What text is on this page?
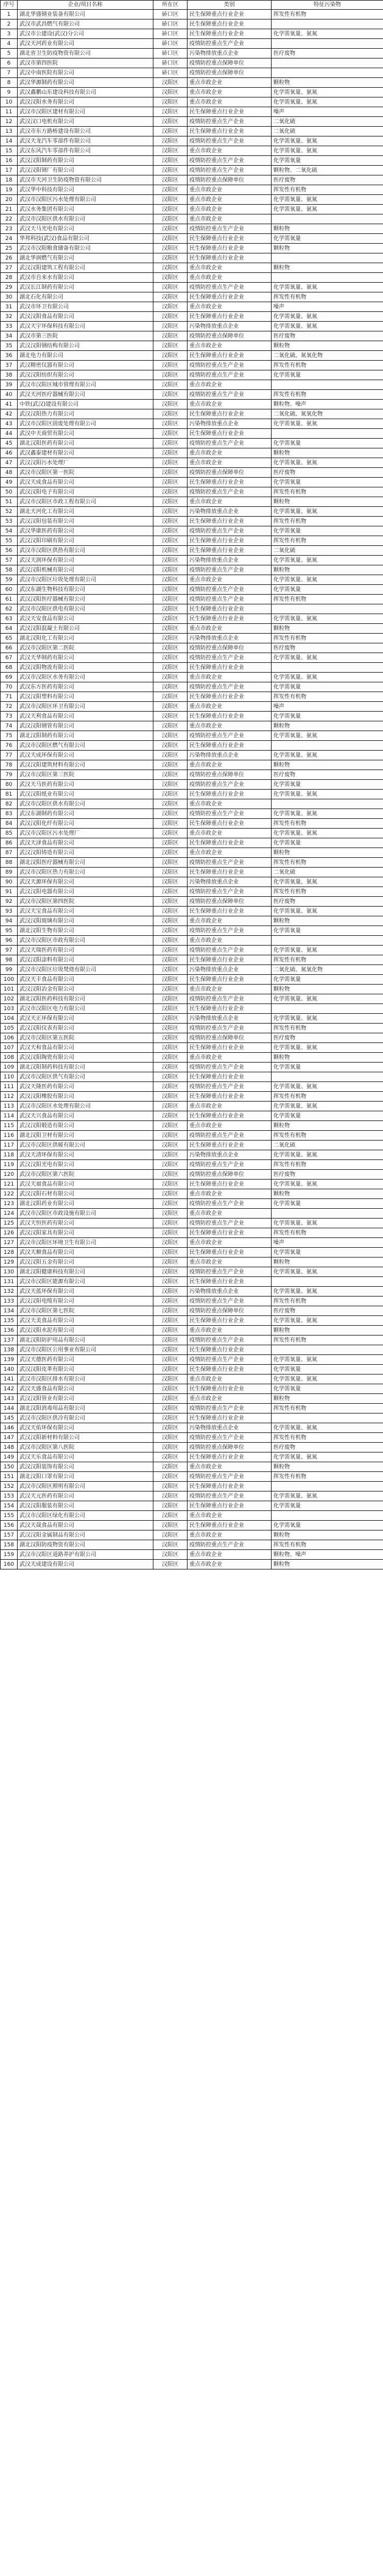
序号	企业/项目名称	所在区	类别	特征污染物
1	湖北华盛钢业装备有限公司	硚口区	民生保障重点行业企业	挥发性有机物
2	武汉市武昌燃气有限公司	硚口区	民生保障重点行业企业	
3	武汉市公建设(武汉)分公司	硚口区	民生保障重点行业企业	化学需氧量、氨氮
4	武汉天河药业有限公司	硚口区	疫情防控重点生产企业	
5	湖北省卫生防疫物资有限公司	硚口区	污染物排放重点企业	医疗废物
6	武汉市第四医院	硚口区	疫情防控重点保障单位	
7	武汉中南医院有限公司	硚口区	疫情防控重点保障单位	
8	武汉华源制药有限公司	汉阳区	重点市政企业	颗粒物
9	武汉鑫鹏山东建设科技有限公司	汉阳区	重点市政企业	化学需氧量、氨氮
10	武汉汉阳水务有限公司	汉阳区	重点市政企业	化学需氧量、氨氮
11	武汉市汉阳区建材有限公司	汉阳区	民生保障重点行业企业	噪声
12	武汉汉口电机有限公司	汉阳区	疫情防控重点生产企业	二氧化硫
13	武汉市东方路桥建设有限公司	汉阳区	民生保障重点行业企业	二氧化硫
14	武汉天龙汽车零部件有限公司	汉阳区	疫情防控重点生产企业	化学需氧量、氨氮
15	武汉东风汽车零部件有限公司	汉阳区	重点市政企业	化学需氧量、氨氮
16	武汉汉阳制药有限公司	汉阳区	疫情防控重点生产企业	化学需氧量
17	武汉汉阳钢厂有限公司	汉阳区	疫情防控重点生产企业	颗粒物、二氧化硫
18	武汉市天河卫生防疫物资有限公司	汉阳区	疫情防控重点保障单位	医疗废物
19	武汉华中科技有限公司	汉阳区	重点市政企业	挥发性有机物
20	武汉市汉阳区污水处理有限公司	汉阳区	重点市政企业	化学需氧量、氨氮
21	武汉水务集团有限公司	汉阳区	重点市政企业	化学需氧量、氨氮
22	武汉市汉阳区供水有限公司	汉阳区	重点市政企业	
23	武汉天马光电有限公司	汉阳区	疫情防控重点生产企业	颗粒物
24	华邦科技(武汉)食品有限公司	汉阳区	民生保障重点行业企业	化学需氧量
25	武汉市汉阳粮食储备有限公司	汉阳区	民生保障重点行业企业	颗粒物
26	湖北华润燃气有限公司	汉阳区	民生保障重点行业企业	
27	武汉汉阳建筑工程有限公司	汉阳区	重点市政企业	颗粒物
28	武汉市自来水有限公司	汉阳区	重点市政企业	
29	武汉长江制药有限公司	汉阳区	疫情防控重点生产企业	化学需氧量、氨氮
30	湖北石化有限公司	汉阳区	民生保障重点行业企业	挥发性有机物
31	武汉市环卫有限公司	汉阳区	重点市政企业	噪声
32	武汉汉阳食品有限公司	汉阳区	民生保障重点行业企业	化学需氧量、氨氮
33	武汉天宇环保科技有限公司	汉阳区	污染物排放重点企业	化学需氧量、氨氮
34	武汉市第三医院	汉阳区	疫情防控重点保障单位	医疗废物
35	武汉汉阳钢结构有限公司	汉阳区	重点市政企业	颗粒物
36	湖北电力有限公司	汉阳区	民生保障重点行业企业	二氧化硫、氮氧化物
37	武汉精密仪器有限公司	汉阳区	疫情防控重点生产企业	挥发性有机物
38	武汉汉阳纺织有限公司	汉阳区	疫情防控重点生产企业	化学需氧量
39	武汉市汉阳区城市管理有限公司	汉阳区	重点市政企业	
40	武汉天河医疗器械有限公司	汉阳区	疫情防控重点生产企业	挥发性有机物
41	中铁(武汉)建设有限公司	汉阳区	重点市政企业	颗粒物、噪声
42	武汉汉阳热力有限公司	汉阳区	民生保障重点行业企业	二氧化硫、氮氧化物
43	武汉市汉阳区固废处理有限公司	汉阳区	污染物排放重点企业	化学需氧量、氨氮
44	武汉中天商贸有限公司	汉阳区	民生保障重点行业企业	
45	湖北汉阳医药有限公司	汉阳区	疫情防控重点生产企业	化学需氧量
46	武汉鑫泰建材有限公司	汉阳区	重点市政企业	颗粒物
47	武汉汉阳污水处理厂	汉阳区	重点市政企业	化学需氧量、氨氮
48	武汉市汉阳区第一医院	汉阳区	疫情防控重点保障单位	医疗废物
49	武汉天成食品有限公司	汉阳区	民生保障重点行业企业	化学需氧量
50	武汉汉阳电子有限公司	汉阳区	疫情防控重点生产企业	挥发性有机物
51	武汉市汉阳区市政工程有限公司	汉阳区	重点市政企业	颗粒物
52	湖北天河化工有限公司	汉阳区	污染物排放重点企业	化学需氧量、氨氮
53	武汉汉阳包装有限公司	汉阳区	民生保障重点行业企业	挥发性有机物
54	武汉华康医药有限公司	汉阳区	疫情防控重点生产企业	化学需氧量
55	武汉汉阳印刷有限公司	汉阳区	民生保障重点行业企业	挥发性有机物
56	武汉市汉阳区供热有限公司	汉阳区	民生保障重点行业企业	二氧化硫
57	武汉天润环保有限公司	汉阳区	污染物排放重点企业	化学需氧量、氨氮
58	武汉汉阳机械有限公司	汉阳区	疫情防控重点生产企业	颗粒物
59	武汉市汉阳区垃圾处理有限公司	汉阳区	重点市政企业	化学需氧量、氨氮
60	武汉东湖生物科技有限公司	汉阳区	疫情防控重点生产企业	化学需氧量
61	武汉汉阳医疗器械有限公司	汉阳区	疫情防控重点生产企业	挥发性有机物
62	武汉市汉阳区供电有限公司	汉阳区	民生保障重点行业企业	
63	武汉天安食品有限公司	汉阳区	民生保障重点行业企业	化学需氧量、氨氮
64	武汉汉阳混凝土有限公司	汉阳区	重点市政企业	颗粒物
65	湖北汉阳化工有限公司	汉阳区	污染物排放重点企业	挥发性有机物
66	武汉市汉阳区第二医院	汉阳区	疫情防控重点保障单位	医疗废物
67	武汉天华制药有限公司	汉阳区	疫情防控重点生产企业	化学需氧量、氨氮
68	武汉汉阳物流有限公司	汉阳区	民生保障重点行业企业	
69	武汉市汉阳区水务有限公司	汉阳区	重点市政企业	化学需氧量、氨氮
70	武汉东方医药有限公司	汉阳区	疫情防控重点生产企业	化学需氧量
71	武汉汉阳塑料有限公司	汉阳区	民生保障重点行业企业	挥发性有机物
72	武汉市汉阳区环卫有限公司	汉阳区	重点市政企业	噪声
73	武汉天利食品有限公司	汉阳区	民生保障重点行业企业	化学需氧量
74	武汉汉阳钢管有限公司	汉阳区	重点市政企业	颗粒物
75	湖北汉阳制药有限公司	汉阳区	疫情防控重点生产企业	化学需氧量、氨氮
76	武汉市汉阳区燃气有限公司	汉阳区	民生保障重点行业企业	
77	武汉天成环保有限公司	汉阳区	污染物排放重点企业	化学需氧量、氨氮
78	武汉汉阳建筑材料有限公司	汉阳区	重点市政企业	颗粒物
79	武汉市汉阳区第三医院	汉阳区	疫情防控重点保障单位	医疗废物
80	武汉天马医药有限公司	汉阳区	疫情防控重点生产企业	化学需氧量
81	武汉汉阳纸业有限公司	汉阳区	民生保障重点行业企业	化学需氧量、氨氮
82	武汉市汉阳区供水有限公司	汉阳区	重点市政企业	
83	武汉东湖制药有限公司	汉阳区	疫情防控重点生产企业	化学需氧量、氨氮
84	武汉汉阳化纤有限公司	汉阳区	民生保障重点行业企业	挥发性有机物
85	武汉市汉阳区污水处理厂	汉阳区	重点市政企业	化学需氧量、氨氮
86	武汉天泽食品有限公司	汉阳区	民生保障重点行业企业	化学需氧量
87	武汉汉阳铸造有限公司	汉阳区	重点市政企业	颗粒物
88	湖北汉阳医疗器械有限公司	汉阳区	疫情防控重点生产企业	挥发性有机物
89	武汉市汉阳区热力有限公司	汉阳区	民生保障重点行业企业	二氧化硫
90	武汉天源环保有限公司	汉阳区	污染物排放重点企业	化学需氧量、氨氮
91	武汉汉阳电器有限公司	汉阳区	疫情防控重点生产企业	挥发性有机物
92	武汉市汉阳区第四医院	汉阳区	疫情防控重点保障单位	医疗废物
93	武汉天宝食品有限公司	汉阳区	民生保障重点行业企业	化学需氧量、氨氮
94	武汉汉阳玻璃有限公司	汉阳区	重点市政企业	颗粒物
95	湖北汉阳生物有限公司	汉阳区	疫情防控重点生产企业	化学需氧量
96	武汉市汉阳区市政有限公司	汉阳区	重点市政企业	
97	武汉天瑞医药有限公司	汉阳区	疫情防控重点生产企业	化学需氧量、氨氮
98	武汉汉阳涂料有限公司	汉阳区	民生保障重点行业企业	挥发性有机物
99	武汉市汉阳区垃圾焚烧有限公司	汉阳区	污染物排放重点企业	二氧化硫、氮氧化物
100	武汉天丰食品有限公司	汉阳区	民生保障重点行业企业	化学需氧量
101	武汉汉阳冶金有限公司	汉阳区	重点市政企业	颗粒物
102	湖北汉阳医药科技有限公司	汉阳区	疫情防控重点生产企业	化学需氧量、氨氮
103	武汉市汉阳区电力有限公司	汉阳区	民生保障重点行业企业	
104	武汉天正环保有限公司	汉阳区	污染物排放重点企业	化学需氧量、氨氮
105	武汉汉阳仪表有限公司	汉阳区	疫情防控重点生产企业	挥发性有机物
106	武汉市汉阳区第五医院	汉阳区	疫情防控重点保障单位	医疗废物
107	武汉天和食品有限公司	汉阳区	民生保障重点行业企业	化学需氧量、氨氮
108	武汉汉阳陶瓷有限公司	汉阳区	重点市政企业	颗粒物
109	湖北汉阳制药科技有限公司	汉阳区	疫情防控重点生产企业	化学需氧量
110	武汉市汉阳区供气有限公司	汉阳区	民生保障重点行业企业	
111	武汉天隆医药有限公司	汉阳区	疫情防控重点生产企业	化学需氧量、氨氮
112	武汉汉阳橡胶有限公司	汉阳区	民生保障重点行业企业	挥发性有机物
113	武汉市汉阳区水处理有限公司	汉阳区	重点市政企业	化学需氧量、氨氮
114	武汉天兴食品有限公司	汉阳区	民生保障重点行业企业	化学需氧量
115	武汉汉阳锻造有限公司	汉阳区	重点市政企业	颗粒物
116	湖北汉阳卫材有限公司	汉阳区	疫情防控重点生产企业	挥发性有机物
117	武汉市汉阳区供暖有限公司	汉阳区	民生保障重点行业企业	二氧化硫
118	武汉天清环保有限公司	汉阳区	污染物排放重点企业	化学需氧量、氨氮
119	武汉汉阳光电有限公司	汉阳区	疫情防控重点生产企业	挥发性有机物
120	武汉市汉阳区第六医院	汉阳区	疫情防控重点保障单位	医疗废物
121	武汉天福食品有限公司	汉阳区	民生保障重点行业企业	化学需氧量、氨氮
122	武汉汉阳石材有限公司	汉阳区	重点市政企业	颗粒物
123	湖北汉阳药业有限公司	汉阳区	疫情防控重点生产企业	化学需氧量
124	武汉市汉阳区市政设施有限公司	汉阳区	重点市政企业	
125	武汉天恒医药有限公司	汉阳区	疫情防控重点生产企业	化学需氧量、氨氮
126	武汉汉阳家具有限公司	汉阳区	民生保障重点行业企业	挥发性有机物
127	武汉市汉阳区环境卫生有限公司	汉阳区	重点市政企业	噪声
128	武汉天顺食品有限公司	汉阳区	民生保障重点行业企业	化学需氧量
129	武汉汉阳五金有限公司	汉阳区	重点市政企业	颗粒物
130	湖北汉阳健康科技有限公司	汉阳区	疫情防控重点生产企业	化学需氧量、氨氮
131	武汉市汉阳区能源有限公司	汉阳区	民生保障重点行业企业	
132	武汉天蓝环保有限公司	汉阳区	污染物排放重点企业	化学需氧量、氨氮
133	武汉汉阳电缆有限公司	汉阳区	疫情防控重点生产企业	挥发性有机物
134	武汉市汉阳区第七医院	汉阳区	疫情防控重点保障单位	医疗废物
135	武汉天美食品有限公司	汉阳区	民生保障重点行业企业	化学需氧量、氨氮
136	武汉汉阳水泥有限公司	汉阳区	重点市政企业	颗粒物
137	湖北汉阳防护用品有限公司	汉阳区	疫情防控重点生产企业	挥发性有机物
138	武汉市汉阳区公用事业有限公司	汉阳区	民生保障重点行业企业	
139	武汉天德医药有限公司	汉阳区	疫情防控重点生产企业	化学需氧量、氨氮
140	武汉汉阳皮革有限公司	汉阳区	民生保障重点行业企业	化学需氧量
141	武汉市汉阳区排水有限公司	汉阳区	重点市政企业	化学需氧量、氨氮
142	武汉天盛食品有限公司	汉阳区	民生保障重点行业企业	化学需氧量
143	武汉汉阳管业有限公司	汉阳区	重点市政企业	颗粒物
144	湖北汉阳消毒用品有限公司	汉阳区	疫情防控重点生产企业	挥发性有机物
145	武汉市汉阳区供冷有限公司	汉阳区	民生保障重点行业企业	
146	武汉天佑环保有限公司	汉阳区	污染物排放重点企业	化学需氧量、氨氮
147	武汉汉阳新材料有限公司	汉阳区	疫情防控重点生产企业	挥发性有机物
148	武汉市汉阳区第八医院	汉阳区	疫情防控重点保障单位	医疗废物
149	武汉天乐食品有限公司	汉阳区	民生保障重点行业企业	化学需氧量、氨氮
150	武汉汉阳装饰有限公司	汉阳区	重点市政企业	颗粒物
151	湖北汉阳口罩有限公司	汉阳区	疫情防控重点生产企业	挥发性有机物
152	武汉市汉阳区照明有限公司	汉阳区	民生保障重点行业企业	
153	武汉天元医药有限公司	汉阳区	疫情防控重点生产企业	化学需氧量、氨氮
154	武汉汉阳服装有限公司	汉阳区	民生保障重点行业企业	化学需氧量
155	武汉市汉阳区绿化有限公司	汉阳区	重点市政企业	
156	武汉天晟食品有限公司	汉阳区	民生保障重点行业企业	化学需氧量
157	武汉汉阳金属制品有限公司	汉阳区	重点市政企业	颗粒物
158	湖北汉阳防疫物资有限公司	汉阳区	疫情防控重点生产企业	挥发性有机物
159	武汉市汉阳区道路养护有限公司	汉阳区	重点市政企业	颗粒物、噪声
160	武汉天成建设有限公司	汉阳区	重点市政企业	颗粒物
